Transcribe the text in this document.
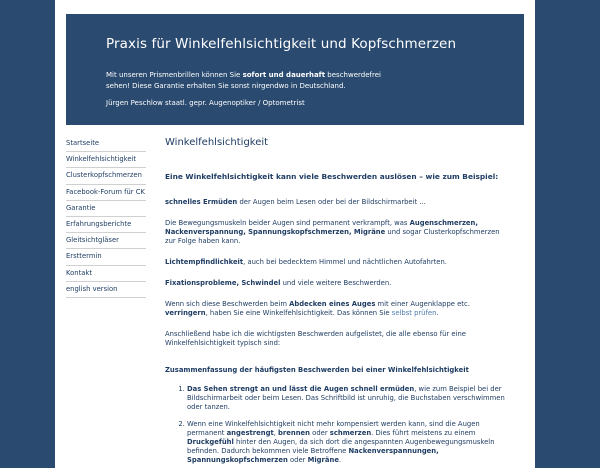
Praxis für Winkelfehlsichtigkeit und Kopfschmerzen
Mit unseren Prismenbrillen können Sie sofort und dauerhaft beschwerdefrei sehen! Diese Garantie erhalten Sie sonst nirgendwo in Deutschland.
Jürgen Peschlow staatl. gepr. Augenoptiker / Optometrist
Startseite
Winkelfehlsichtigkeit
Clusterkopfschmerzen
Facebook-Forum für CK
Garantie
Erfahrungsberichte
Gleitsichtgläser
Ersttermin
Kontakt
english version
Winkelfehlsichtigkeit
Eine Winkelfehlsichtigkeit kann viele Beschwerden auslösen – wie zum Beispiel:

schnelles Ermüden der Augen beim Lesen oder bei der Bildschirmarbeit ...

Die Bewegungsmuskeln beider Augen sind permanent verkrampft, was Augenschmerzen, Nackenverspannung, Spannungskopfschmerzen, Migräne und sogar Clusterkopfschmerzen zur Folge haben kann.

Lichtempfindlichkeit, auch bei bedecktem Himmel und nächtlichen Autofahrten.

Fixationsprobleme, Schwindel und viele weitere Beschwerden.

Wenn sich diese Beschwerden beim Abdecken eines Auges mit einer Augenklappe etc. verringern, haben Sie eine Winkelfehlsichtigkeit. Das können Sie selbst prüfen.

Anschließend habe ich die wichtigsten Beschwerden aufgelistet, die alle ebenso für eine Winkelfehlsichtigkeit typisch sind:

Zusammenfassung der häufigsten Beschwerden bei einer Winkelfehlsichtigkeit
1. Das Sehen strengt an und lässt die Augen schnell ermüden, wie zum Beispiel bei der Bildschirmarbeit oder beim Lesen. Das Schriftbild ist unruhig, die Buchstaben verschwimmen oder tanzen.
2. Wenn eine Winkelfehlsichtigkeit nicht mehr kompensiert werden kann, sind die Augen permanent angestrengt, brennen oder schmerzen. Dies führt meistens zu einem Druckgefühl hinter den Augen, da sich dort die angespannten Augenbewegungsmuskeln befinden. Dadurch bekommen viele Betroffene Nackenverspannungen, Spannungskopfschmerzen oder Migräne.
